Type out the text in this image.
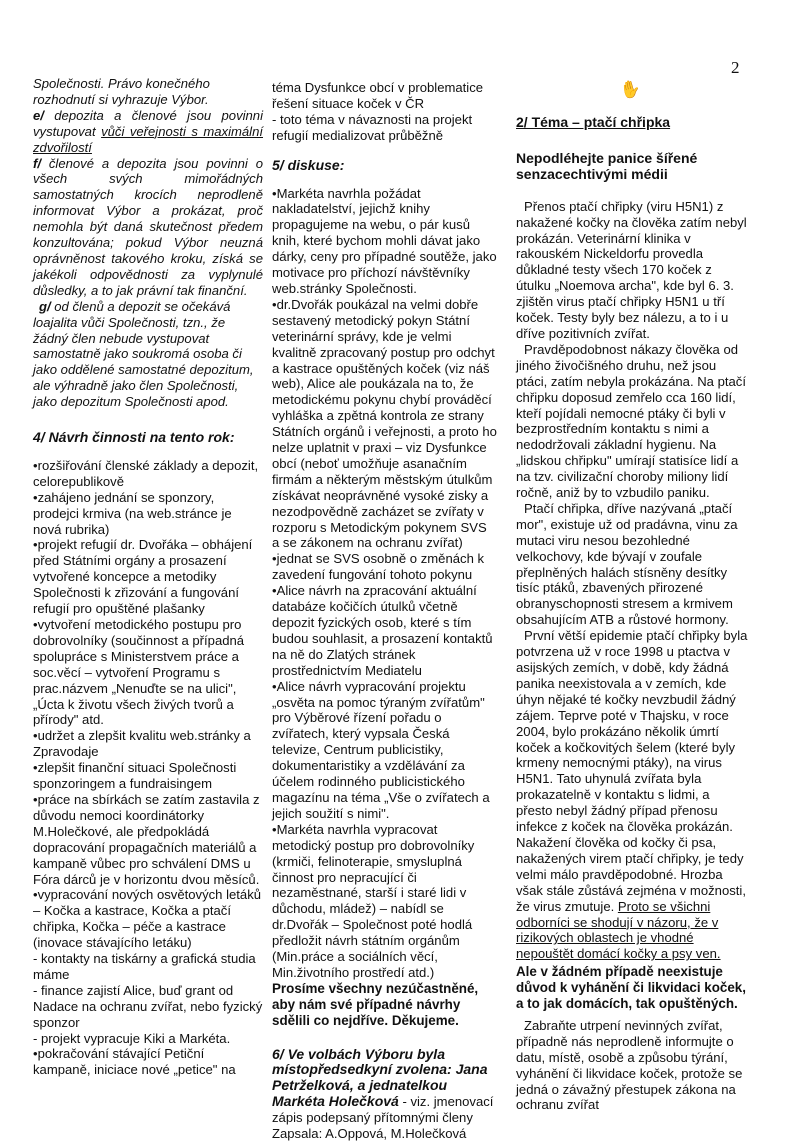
2
✋

Společnosti. Právo konečného

rozhodnutí si vyhrazuje Výbor.

e/ depozita a členové jsou povinni vystupovat vůči veřejnosti s maximální zdvořilostí

f/ členové a depozita jsou povinni o všech svých mimořádných samostatných krocích neprodleně informovat Výbor a prokázat, proč nemohla být daná skutečnost předem konzultována; pokud Výbor neuzná oprávněnost takového kroku, získá se jakékoli odpovědnosti za vyplynulé důsledky, a to jak právní tak finanční.

g/ od členů a depozit se očekává loajalita vůči Společnosti, tzn., že žádný člen nebude vystupovat samostatně jako soukromá osoba či jako oddělené samostatné depozitum, ale výhradně jako člen Společnosti, jako depozitum Společnosti apod.

4/ Návrh činnosti na tento rok:

•rozšiřování členské základy a depozit, celorepublikově

•zahájeno jednání se sponzory, prodejci krmiva (na web.stránce je nová rubrika)

•projekt refugií dr. Dvořáka – obhájení před Státními orgány a prosazení vytvořené koncepce a metodiky Společnosti k zřizování a fungování refugií pro opuštěné plašanky

•vytvoření metodického postupu pro dobrovolníky (součinnost a případná spolupráce s Ministerstvem práce a soc.věcí – vytvoření Programu s prac.názvem „Nenuďte se na ulici", „Úcta k životu všech živých tvorů a přírody" atd.

•udržet a zlepšit kvalitu web.stránky a Zpravodaje

•zlepšit finanční situaci Společnosti sponzoringem a fundraisingem

•práce na sbírkách se zatím zastavila z důvodu nemoci koordinátorky M.Holečkové, ale předpokládá dopracování propagačních materiálů a kampaně vůbec pro schválení DMS u Fóra dárců je v horizontu dvou měsíců.

•vypracování nových osvětových letáků – Kočka a kastrace, Kočka a ptačí chřipka, Kočka – péče a kastrace (inovace stávajícího letáku)

- kontakty na tiskárny a grafická studia máme

- finance zajistí Alice, buď grant od Nadace na ochranu zvířat, nebo fyzický sponzor

- projekt vypracuje Kiki a Markéta.

•pokračování stávající Petiční kampaně, iniciace nové „petice" na

téma Dysfunkce obcí v problematice řešení situace koček v ČR

- toto téma v návaznosti na projekt refugií medializovat průběžně

5/ diskuse:

•Markéta navrhla požádat nakladatelství, jejichž knihy propagujeme na webu, o pár kusů knih, které bychom mohli dávat jako dárky, ceny pro případné soutěže, jako motivace pro příchozí návštěvníky web.stránky Společnosti.

•dr.Dvořák poukázal na velmi dobře sestavený metodický pokyn Státní veterinární správy, kde je velmi kvalitně zpracovaný postup pro odchyt a kastrace opuštěných koček (viz náš web), Alice ale poukázala na to, že metodickému pokynu chybí prováděcí vyhláška a zpětná kontrola ze strany Státních orgánů i veřejnosti, a proto ho nelze uplatnit v praxi – viz Dysfunkce obcí (neboť umožňuje asanačním firmám a některým městským útulkům získávat neoprávněné vysoké zisky a nezodpovědně zacházet se zvířaty v rozporu s Metodickým pokynem SVS a se zákonem na ochranu zvířat)

•jednat se SVS osobně o změnách k zavedení fungování tohoto pokynu

•Alice návrh na zpracování aktuální databáze kočičích útulků včetně depozit fyzických osob, které s tím budou souhlasit, a prosazení kontaktů na ně do Zlatých stránek prostřednictvím Mediatelu

•Alice návrh vypracování projektu „osvěta na pomoc týraným zvířatům" pro Výběrové řízení pořadu o zvířatech, který vypsala Česká televize, Centrum publicistiky, dokumentaristiky a vzdělávání za účelem rodinného publicistického magazínu na téma „Vše o zvířatech a jejich soužití s nimi".

•Markéta navrhla vypracovat metodický postup pro dobrovolníky (krmiči, felinoterapie, smysluplná činnost pro nepracující či nezaměstnané, starší i staré lidi v důchodu, mládež) – nabídl se dr.Dvořák – Společnost poté hodlá předložit návrh státním orgánům (Min.práce a sociálních věcí, Min.životního prostředí atd.)

Prosíme všechny nezúčastněné, aby nám své případné návrhy sdělili co nejdříve. Děkujeme.

6/ Ve volbách Výboru byla místopředsedkyní zvolena: Jana Petrželková, a jednatelkou Markéta Holečková - viz. jmenovací zápis podepsaný přítomnými členy

Zapsala: A.Oppová, M.Holečková

2/ Téma – ptačí chřipka
Nepodléhejte panice šířené senzacechtivými médii

Přenos ptačí chřipky (viru H5N1) z nakažené kočky na člověka zatím nebyl prokázán. Veterinární klinika v rakouském Nickeldorfu provedla důkladné testy všech 170 koček z útulku „Noemova archa", kde byl 6. 3. zjištěn virus ptačí chřipky H5N1 u tří koček. Testy byly bez nálezu, a to i u dříve pozitivních zvířat.

Pravděpodobnost nákazy člověka od jiného živočišného druhu, než jsou ptáci, zatím nebyla prokázána. Na ptačí chřipku doposud zemřelo cca 160 lidí, kteří pojídali nemocné ptáky či byli v bezprostředním kontaktu s nimi a nedodržovali základní hygienu. Na „lidskou chřipku" umírají statisíce lidí a na tzv. civilizační choroby miliony lidí ročně, aniž by to vzbudilo paniku.

Ptačí chřipka, dříve nazývaná „ptačí mor", existuje už od pradávna, vinu za mutaci viru nesou bezohledné velkochovy, kde bývají v zoufale přeplněných halách stísněny desítky tisíc ptáků, zbavených přirozené obranyschopnosti stresem a krmivem obsahujícím ATB a růstové hormony.

První větší epidemie ptačí chřipky byla potvrzena už v roce 1998 u ptactva v asijských zemích, v době, kdy žádná panika neexistovala a v zemích, kde úhyn nějaké té kočky nevzbudil žádný zájem. Teprve poté v Thajsku, v roce 2004, bylo prokázáno několik úmrtí koček a kočkovitých šelem (které byly krmeny nemocnými ptáky), na virus H5N1. Tato uhynulá zvířata byla prokazatelně v kontaktu s lidmi, a přesto nebyl žádný případ přenosu infekce z koček na člověka prokázán. Nakažení člověka od kočky či psa, nakažených virem ptačí chřipky, je tedy velmi málo pravděpodobné. Hrozba však stále zůstává zejména v možnosti, že virus zmutuje. Proto se všichni odborníci se shodují v názoru, že v rizikových oblastech je vhodné nepouštět domácí kočky a psy ven.

Ale v žádném případě neexistuje důvod k vyhánění či likvidaci koček, a to jak domácích, tak opuštěných.

Zabraňte utrpení nevinných zvířat, případně nás neprodleně informujte o datu, místě, osobě a způsobu týrání, vyhánění či likvidace koček, protože se jedná o závažný přestupek zákona na ochranu zvířat
